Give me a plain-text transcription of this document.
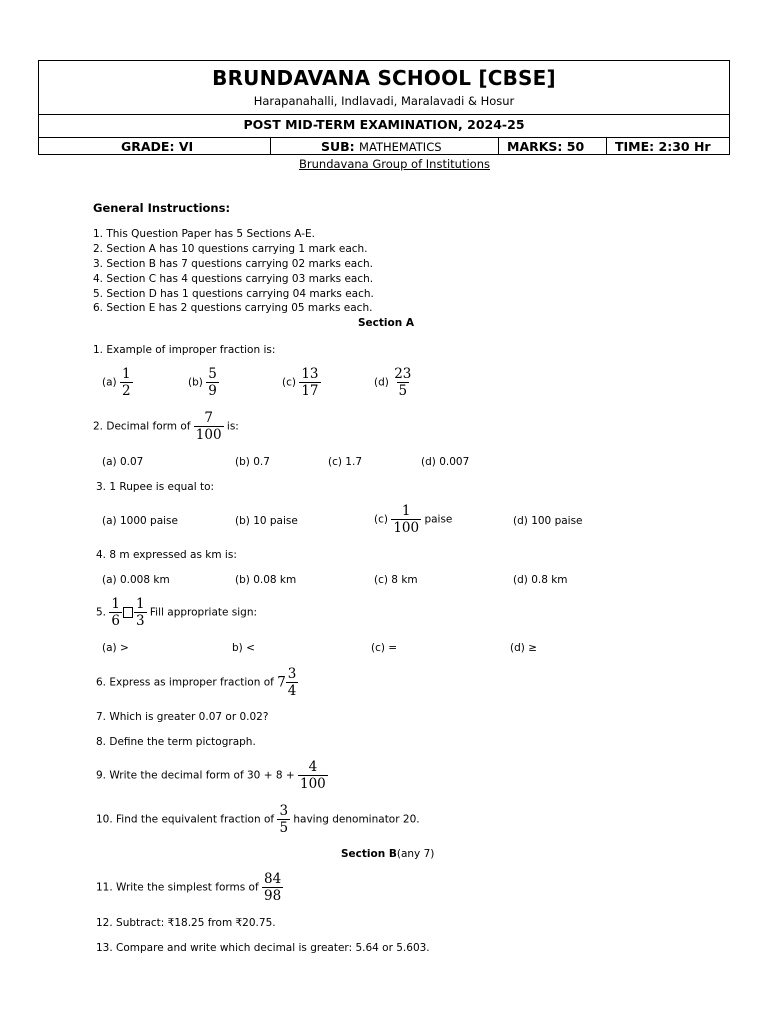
BRUNDAVANA SCHOOL [CBSE]
Harapanahalli, Indlavadi, Maralavadi & Hosur
POST MID-TERM EXAMINATION, 2024-25
GRADE: VI	SUB: MATHEMATICS	MARKS: 50 TIME: 2:30 Hr
Brundavana Group of Institutions
General Instructions:
1. This Question Paper has 5 Sections A-E.
2. Section A has 10 questions carrying 1 mark each.
3. Section B has 7 questions carrying 02 marks each.
4. Section C has 4 questions carrying 03 marks each.
5. Section D has 1 questions carrying 04 marks each.
6. Section E has 2 questions carrying 05 marks each.
Section A
1. Example of improper fraction is:
$(a) \frac{1}{2}$	$(b) \frac{5}{9}$	$(c) \frac{13}{17}$	$(d) \frac{23}{5}$
2. Decimal form of $\frac{7}{100}$ is:
(a) 0.07	(b) 0.7	(c) 1.7	(d) 0.007
3. 1 Rupee is equal to:
(a) 1000 paise	(b) 10 paise	$(c) \frac{1}{100}$ paise	(d) 100 paise
4. 8 m expressed as km is:
(a) 0.008 km	(b) 0.08 km	(c) 8 km	(d) 0.8 km
5. $\frac{1}{6} \frac{1}{3}$ Fill appropriate sign:
(a) >	b) <	(c) =	(d) ≥
6. Express as improper fraction of $7 \frac{3}{4}$
7. Which is greater 0.07 or 0.02?
8. Define the term pictograph.
9. Write the decimal form of $30 + 8 + \frac{4}{100}$
10. Find the equivalent fraction of $\frac{3}{5}$ having denominator 20.
Section B(any 7)
11. Write the simplest forms of $\frac{84}{98}$
12. Subtract: ₹18.25 from ₹20.75.
13. Compare and write which decimal is greater: 5.64 or 5.603.
